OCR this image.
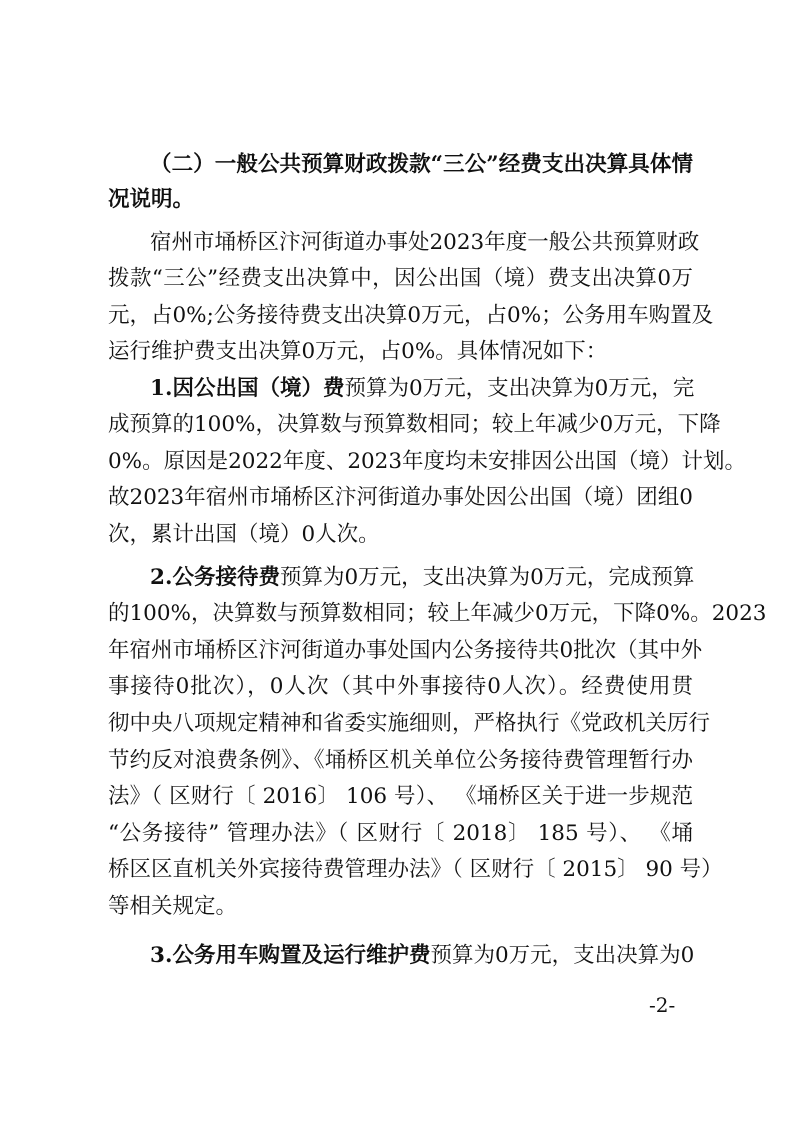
（二）一般公共预算财政拨款“三公”经费支出决算具体情
况说明。
宿州市埇桥区汴河街道办事处2023年度一般公共预算财政
拨款“三公”经费支出决算中，因公出国（境）费支出决算0万
元，占0%;公务接待费支出决算0万元，占0%；公务用车购置及
运行维护费支出决算0万元，占0%。具体情况如下：
1.因公出国（境）费预算为0万元，支出决算为0万元，完
成预算的100%，决算数与预算数相同；较上年减少0万元，下降
0%。原因是2022年度、2023年度均未安排因公出国（境）计划。
故2023年宿州市埇桥区汴河街道办事处因公出国（境）团组0
次，累计出国（境）0人次。
2.公务接待费预算为0万元，支出决算为0万元，完成预算
的100%，决算数与预算数相同；较上年减少0万元，下降0%。2023
年宿州市埇桥区汴河街道办事处国内公务接待共0批次（其中外
事接待0批次），0人次（其中外事接待0人次）。经费使用贯
彻中央八项规定精神和省委实施细则，严格执行《党政机关厉行
节约反对浪费条例》、《埇桥区机关单位公务接待费管理暂行办
法》（ 区财行〔 2016〕 106 号）、 《埇桥区关于进一步规范
“公务接待” 管理办法》（ 区财行〔 2018〕 185 号）、 《埇
桥区区直机关外宾接待费管理办法》（ 区财行〔 2015〕 90 号）
等相关规定。
3.公务用车购置及运行维护费预算为0万元，支出决算为0
-2-
